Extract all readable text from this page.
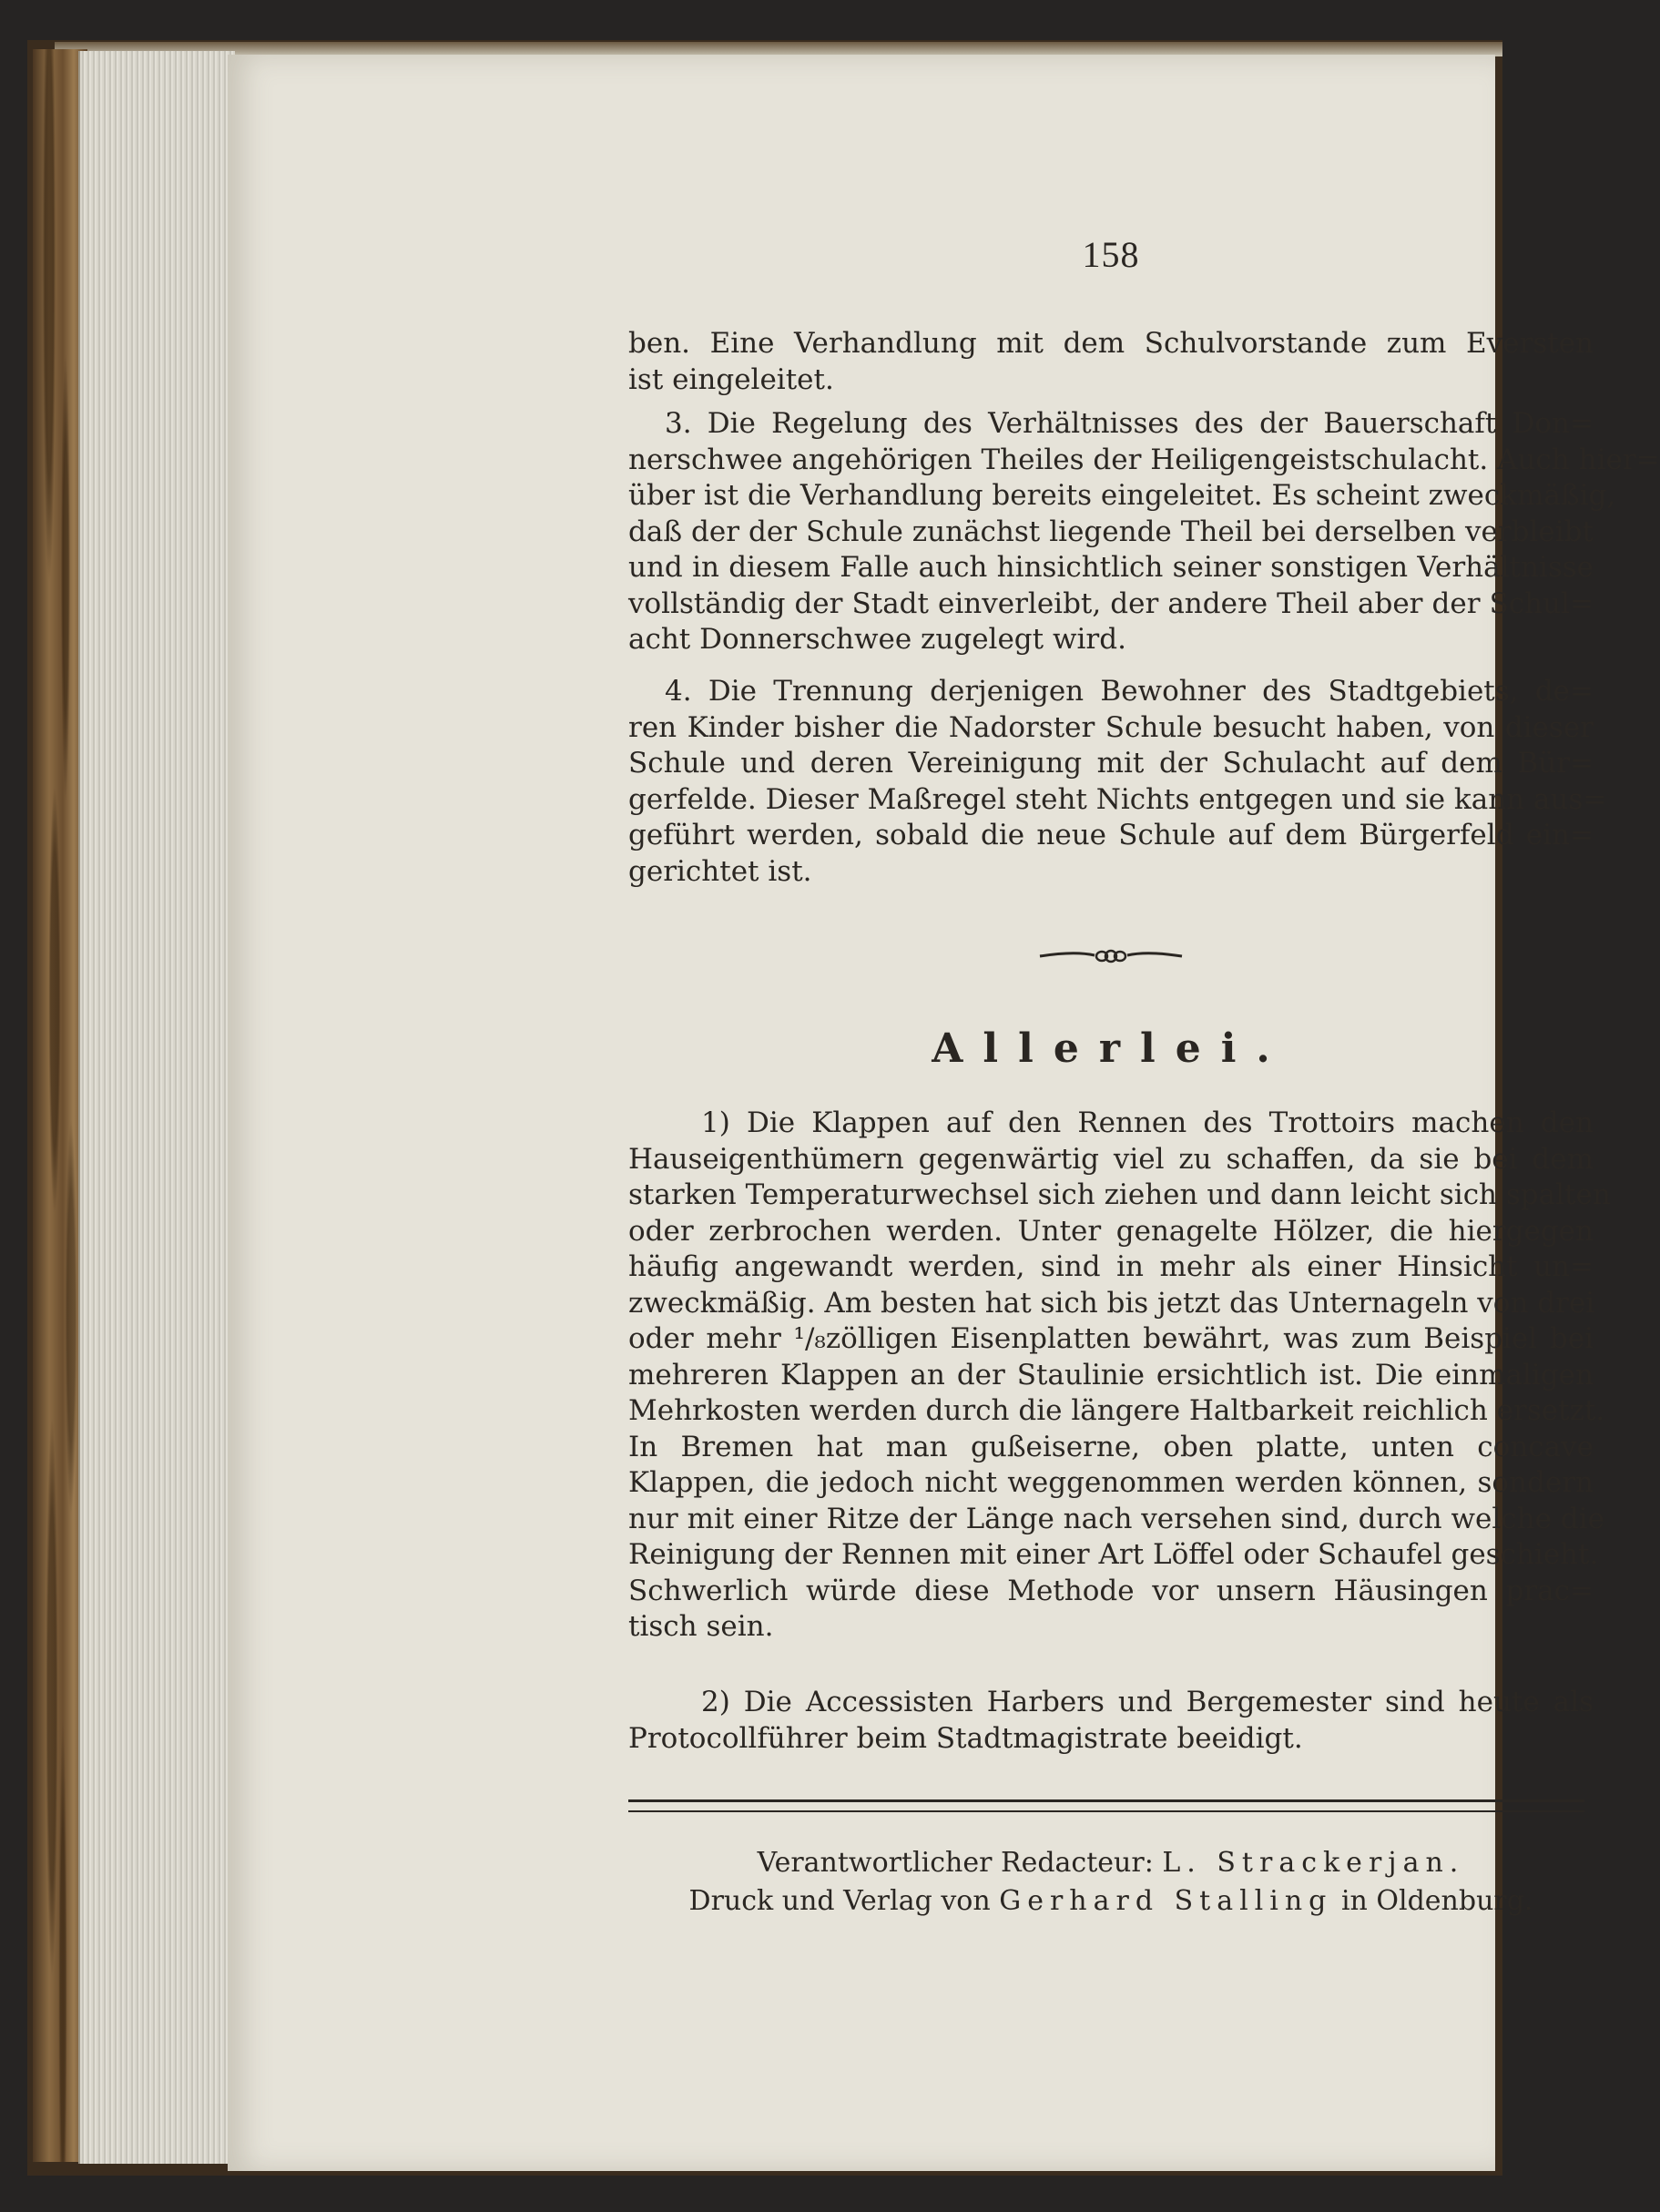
158
ben. Eine Verhandlung mit dem Schulvorstande zum Eversten
ist eingeleitet.
3. Die Regelung des Verhältnisses des der Bauerschaft Don=
nerschwee angehörigen Theiles der Heiligengeistschulacht. Auch hier=
über ist die Verhandlung bereits eingeleitet. Es scheint zweckmäßig,
daß der der Schule zunächst liegende Theil bei derselben verbleibt
und in diesem Falle auch hinsichtlich seiner sonstigen Verhältnisse
vollständig der Stadt einverleibt, der andere Theil aber der Schul=
acht Donnerschwee zugelegt wird.
4. Die Trennung derjenigen Bewohner des Stadtgebiets, de=
ren Kinder bisher die Nadorster Schule besucht haben, von dieser
Schule und deren Vereinigung mit der Schulacht auf dem Bür=
gerfelde. Dieser Maßregel steht Nichts entgegen und sie kann aus=
geführt werden, sobald die neue Schule auf dem Bürgerfeld ein=
gerichtet ist.
Allerlei.
1) Die Klappen auf den Rennen des Trottoirs machen den
Hauseigenthümern gegenwärtig viel zu schaffen, da sie bei dem
starken Temperaturwechsel sich ziehen und dann leicht sich spalten
oder zerbrochen werden. Unter genagelte Hölzer, die hiergegen
häufig angewandt werden, sind in mehr als einer Hinsicht un=
zweckmäßig. Am besten hat sich bis jetzt das Unternageln von drei
oder mehr ¹/₈zölligen Eisenplatten bewährt, was zum Beispiel bei
mehreren Klappen an der Staulinie ersichtlich ist. Die einmaligen
Mehrkosten werden durch die längere Haltbarkeit reichlich ersetzt.
In Bremen hat man gußeiserne, oben platte, unten concave
Klappen, die jedoch nicht weggenommen werden können, sondern
nur mit einer Ritze der Länge nach versehen sind, durch welche die
Reinigung der Rennen mit einer Art Löffel oder Schaufel geschieht.
Schwerlich würde diese Methode vor unsern Häusingen prac=
tisch sein.
2) Die Accessisten Harbers und Bergemester sind heute als
Protocollführer beim Stadtmagistrate beeidigt.
Verantwortlicher Redacteur: L. Strackerjan.
Druck und Verlag von Gerhard Stalling in Oldenburg.
